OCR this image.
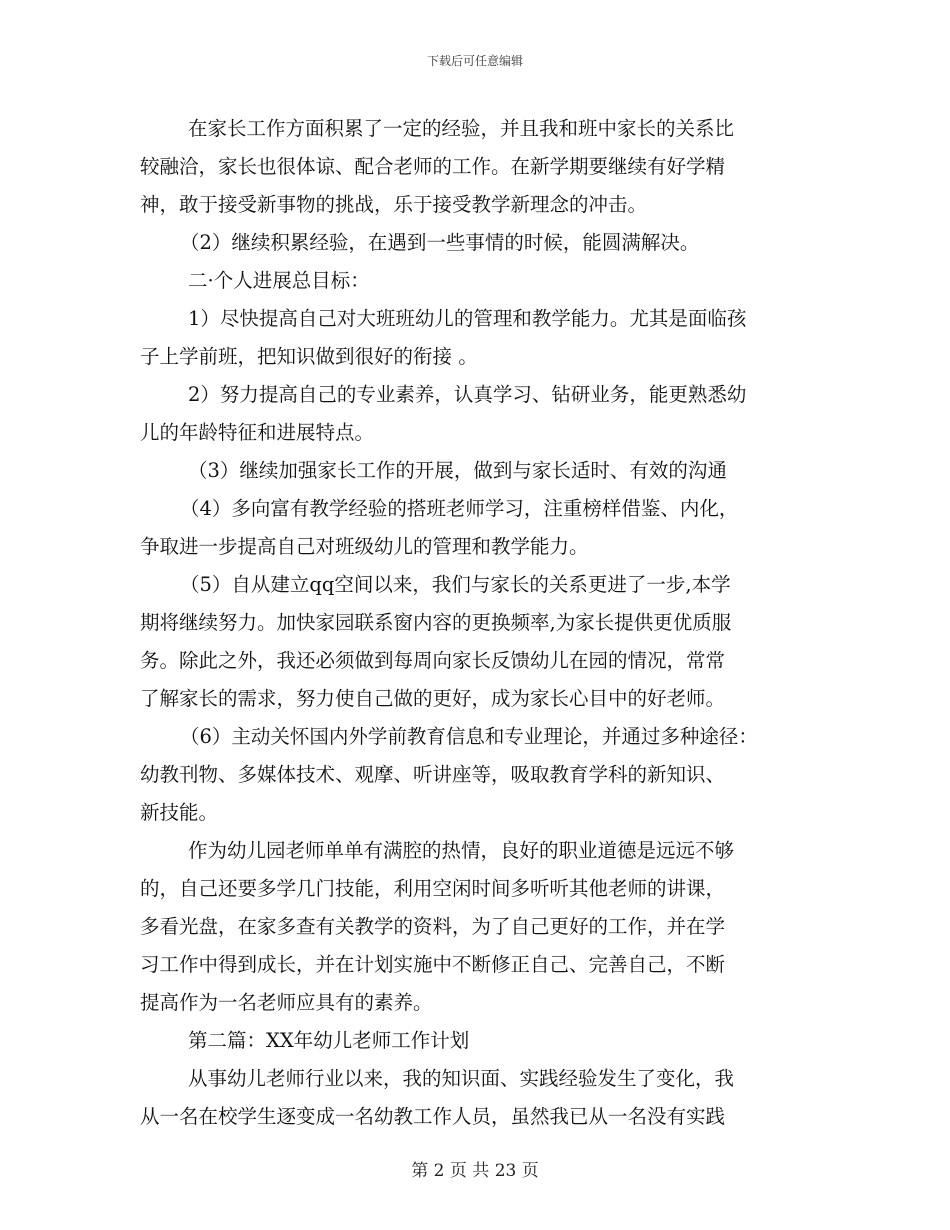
下载后可任意编辑
在家长工作方面积累了一定的经验，并且我和班中家长的关系比
较融洽，家长也很体谅、配合老师的工作。在新学期要继续有好学精
神，敢于接受新事物的挑战，乐于接受教学新理念的冲击。
（2）继续积累经验，在遇到一些事情的时候，能圆满解决。
二·个人进展总目标：
1）尽快提高自己对大班班幼儿的管理和教学能力。尤其是面临孩
子上学前班，把知识做到很好的衔接 。
2）努力提高自己的专业素养，认真学习、钻研业务，能更熟悉幼
儿的年龄特征和进展特点。
（3）继续加强家长工作的开展，做到与家长适时、有效的沟通
（4）多向富有教学经验的搭班老师学习，注重榜样借鉴、内化，
争取进一步提高自己对班级幼儿的管理和教学能力。
（5）自从建立qq空间以来，我们与家长的关系更进了一步,本学
期将继续努力。加快家园联系窗内容的更换频率,为家长提供更优质服
务。除此之外，我还必须做到每周向家长反馈幼儿在园的情况，常常
了解家长的需求，努力使自己做的更好，成为家长心目中的好老师。
（6）主动关怀国内外学前教育信息和专业理论，并通过多种途径：
幼教刊物、多媒体技术、观摩、听讲座等，吸取教育学科的新知识、
新技能。
作为幼儿园老师单单有满腔的热情，良好的职业道德是远远不够
的，自己还要多学几门技能，利用空闲时间多听听其他老师的讲课，
多看光盘，在家多查有关教学的资料，为了自己更好的工作，并在学
习工作中得到成长，并在计划实施中不断修正自己、完善自己，不断
提高作为一名老师应具有的素养。
第二篇：XX年幼儿老师工作计划
从事幼儿老师行业以来，我的知识面、实践经验发生了变化，我
从一名在校学生逐变成一名幼教工作人员，虽然我已从一名没有实践
第 2 页 共 23 页
